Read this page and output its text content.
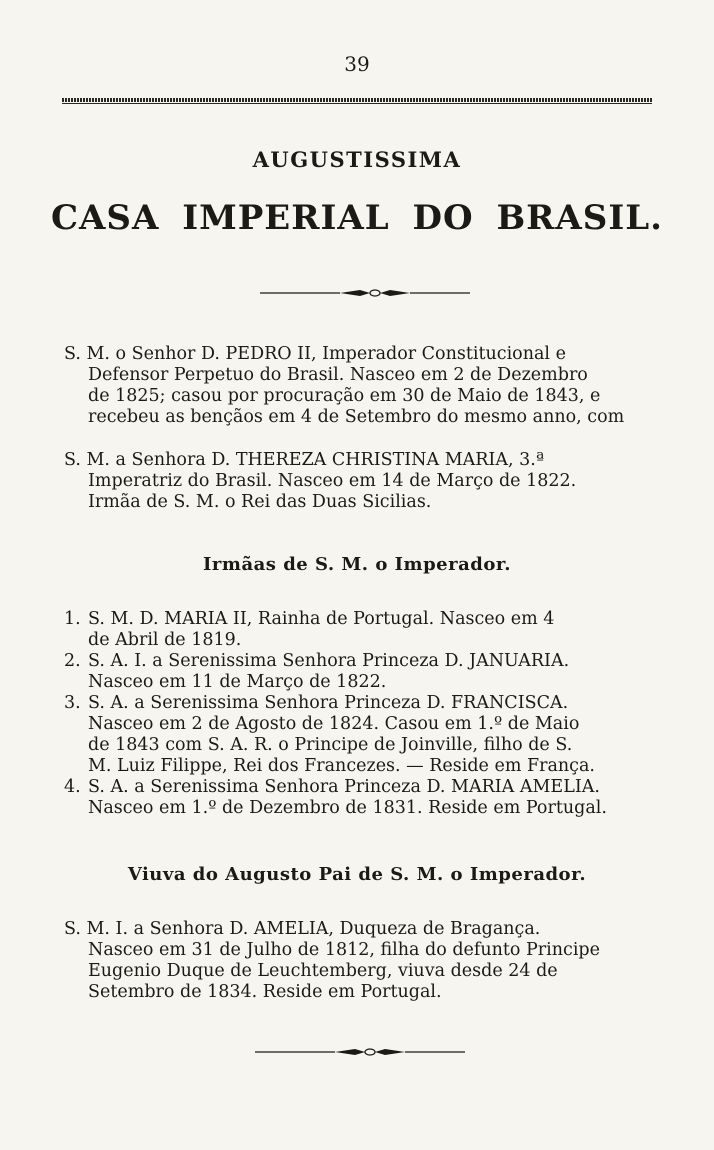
39
AUGUSTISSIMA
CASA IMPERIAL DO BRASIL.
S. M. o Senhor D. PEDRO II, Imperador Constitucional e
Defensor Perpetuo do Brasil. Nasceo em 2 de Dezembro
de 1825; casou por procuração em 30 de Maio de 1843, e
recebeu as bençãos em 4 de Setembro do mesmo anno, com
S. M. a Senhora D. THEREZA CHRISTINA MARIA, 3.ª
Imperatriz do Brasil. Nasceo em 14 de Março de 1822.
Irmãa de S. M. o Rei das Duas Sicilias.
Irmãas de S. M. o Imperador.
1. S. M. D. MARIA II, Rainha de Portugal. Nasceo em 4
de Abril de 1819.
2. S. A. I. a Serenissima Senhora Princeza D. JANUARIA.
Nasceo em 11 de Março de 1822.
3. S. A. a Serenissima Senhora Princeza D. FRANCISCA.
Nasceo em 2 de Agosto de 1824. Casou em 1.º de Maio
de 1843 com S. A. R. o Principe de Joinville, filho de S.
M. Luiz Filippe, Rei dos Francezes. — Reside em França.
4. S. A. a Serenissima Senhora Princeza D. MARIA AMELIA.
Nasceo em 1.º de Dezembro de 1831. Reside em Portugal.
Viuva do Augusto Pai de S. M. o Imperador.
S. M. I. a Senhora D. AMELIA, Duqueza de Bragança.
Nasceo em 31 de Julho de 1812, filha do defunto Principe
Eugenio Duque de Leuchtemberg, viuva desde 24 de
Setembro de 1834. Reside em Portugal.
